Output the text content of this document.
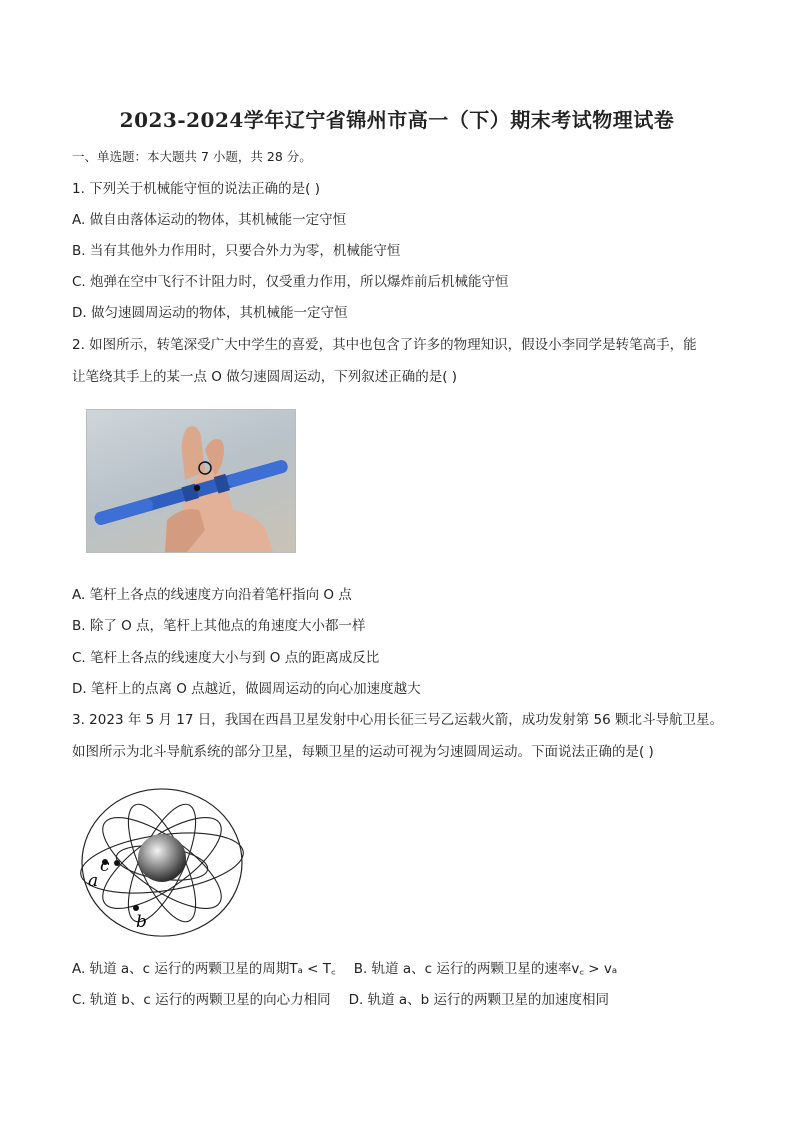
2023-2024学年辽宁省锦州市高一（下）期末考试物理试卷
一、单选题：本大题共 7 小题，共 28 分。
1. 下列关于机械能守恒的说法正确的是( )
A. 做自由落体运动的物体，其机械能一定守恒
B. 当有其他外力作用时，只要合外力为零，机械能守恒
C. 炮弹在空中飞行不计阻力时，仅受重力作用，所以爆炸前后机械能守恒
D. 做匀速圆周运动的物体，其机械能一定守恒
2. 如图所示，转笔深受广大中学生的喜爱，其中也包含了许多的物理知识，假设小李同学是转笔高手，能
让笔绕其手上的某一点 O 做匀速圆周运动，下列叙述正确的是( )
A. 笔杆上各点的线速度方向沿着笔杆指向 O 点
B. 除了 O 点，笔杆上其他点的角速度大小都一样
C. 笔杆上各点的线速度大小与到 O 点的距离成反比
D. 笔杆上的点离 O 点越近，做圆周运动的向心加速度越大
3. 2023 年 5 月 17 日，我国在西昌卫星发射中心用长征三号乙运载火箭，成功发射第 56 颗北斗导航卫星。
如图所示为北斗导航系统的部分卫星，每颗卫星的运动可视为匀速圆周运动。下面说法正确的是( )
a
c
b
A. 轨道 a、c 运行的两颗卫星的周期Tₐ < T꜀ B. 轨道 a、c 运行的两颗卫星的速率v꜀ > vₐ
C. 轨道 b、c 运行的两颗卫星的向心力相同 D. 轨道 a、b 运行的两颗卫星的加速度相同
